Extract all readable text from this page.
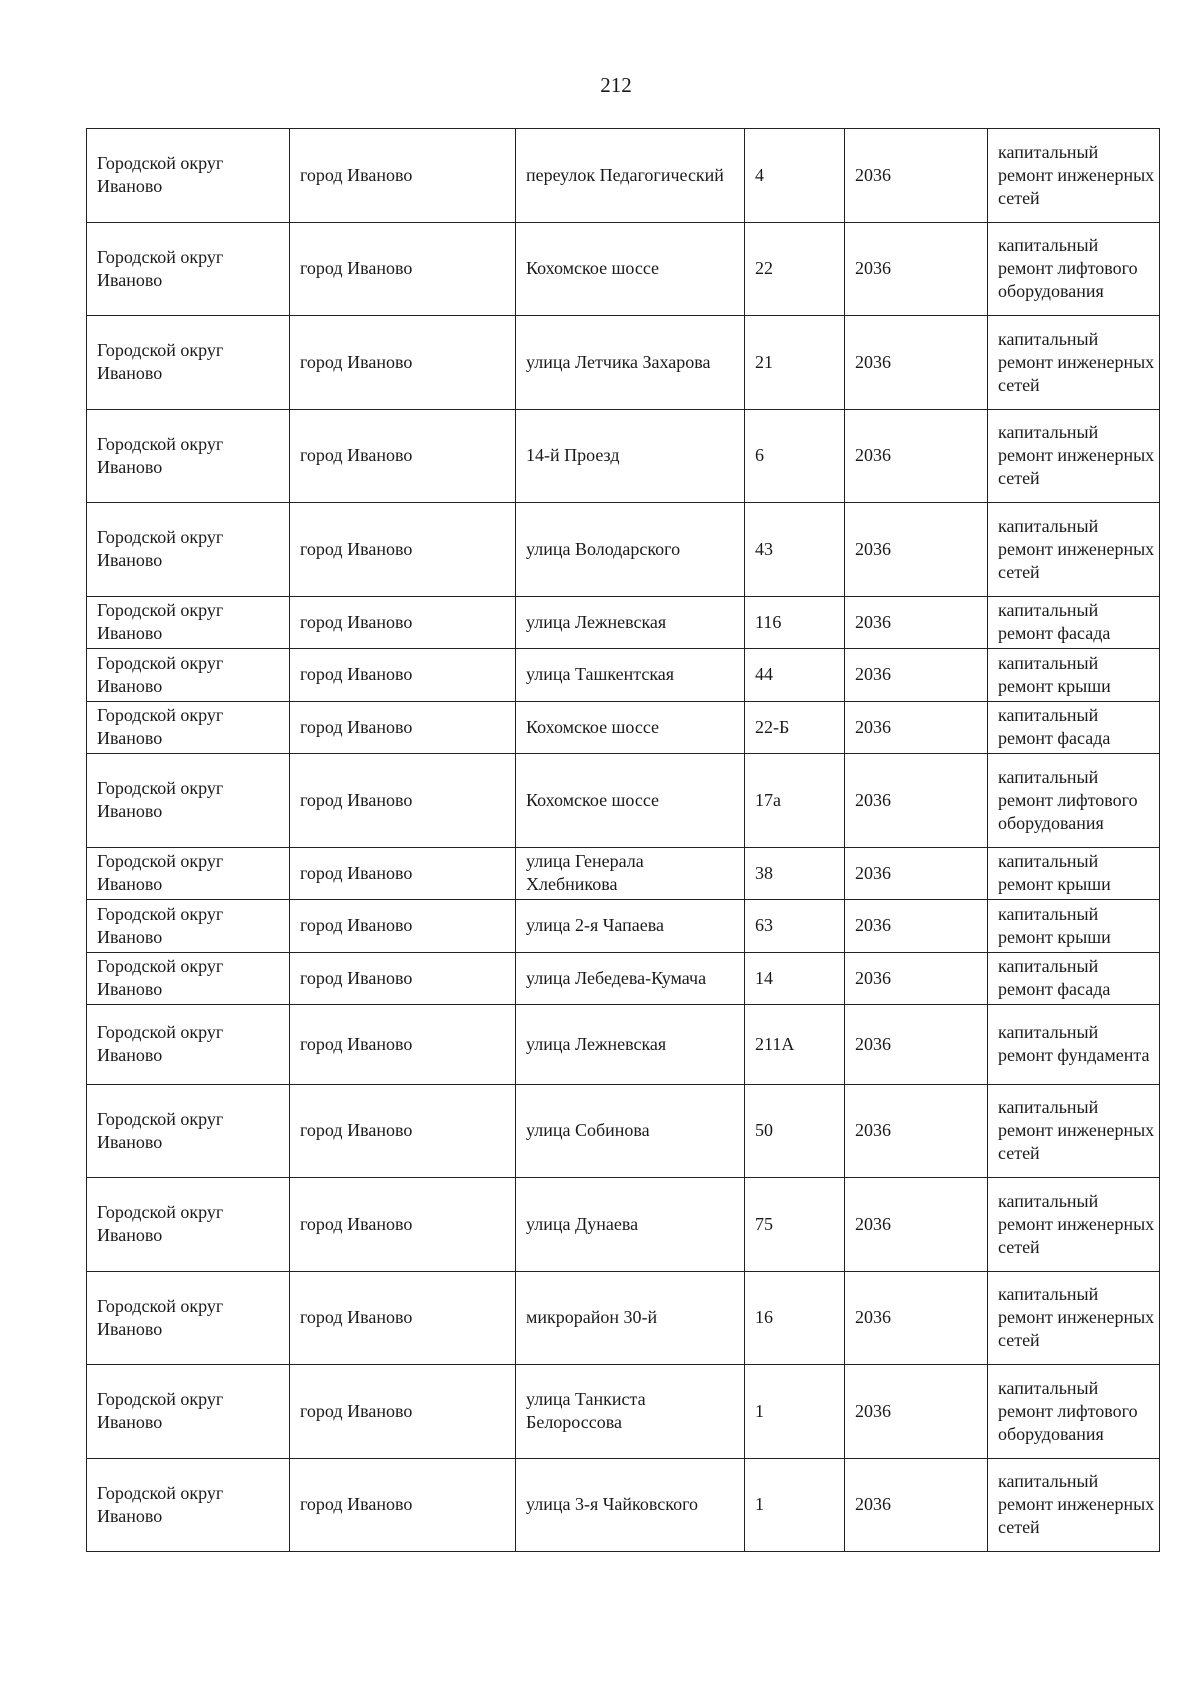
212
Городской округ Иваново	город Иваново	переулок Педагогический	4	2036	капитальный ремонт инженерных сетей
Городской округ Иваново	город Иваново	Кохомское шоссе	22	2036	капитальный ремонт лифтового оборудования
Городской округ Иваново	город Иваново	улица Летчика Захарова	21	2036	капитальный ремонт инженерных сетей
Городской округ Иваново	город Иваново	14-й Проезд	6	2036	капитальный ремонт инженерных сетей
Городской округ Иваново	город Иваново	улица Володарского	43	2036	капитальный ремонт инженерных сетей
Городской округ Иваново	город Иваново	улица Лежневская	116	2036	капитальный ремонт фасада
Городской округ Иваново	город Иваново	улица Ташкентская	44	2036	капитальный ремонт крыши
Городской округ Иваново	город Иваново	Кохомское шоссе	22-Б	2036	капитальный ремонт фасада
Городской округ Иваново	город Иваново	Кохомское шоссе	17а	2036	капитальный ремонт лифтового оборудования
Городской округ Иваново	город Иваново	улица Генерала Хлебникова	38	2036	капитальный ремонт крыши
Городской округ Иваново	город Иваново	улица 2-я Чапаева	63	2036	капитальный ремонт крыши
Городской округ Иваново	город Иваново	улица Лебедева-Кумача	14	2036	капитальный ремонт фасада
Городской округ Иваново	город Иваново	улица Лежневская	211А	2036	капитальный ремонт фундамента
Городской округ Иваново	город Иваново	улица Собинова	50	2036	капитальный ремонт инженерных сетей
Городской округ Иваново	город Иваново	улица Дунаева	75	2036	капитальный ремонт инженерных сетей
Городской округ Иваново	город Иваново	микрорайон 30-й	16	2036	капитальный ремонт инженерных сетей
Городской округ Иваново	город Иваново	улица Танкиста Белороссова	1	2036	капитальный ремонт лифтового оборудования
Городской округ Иваново	город Иваново	улица 3-я Чайковского	1	2036	капитальный ремонт инженерных сетей
